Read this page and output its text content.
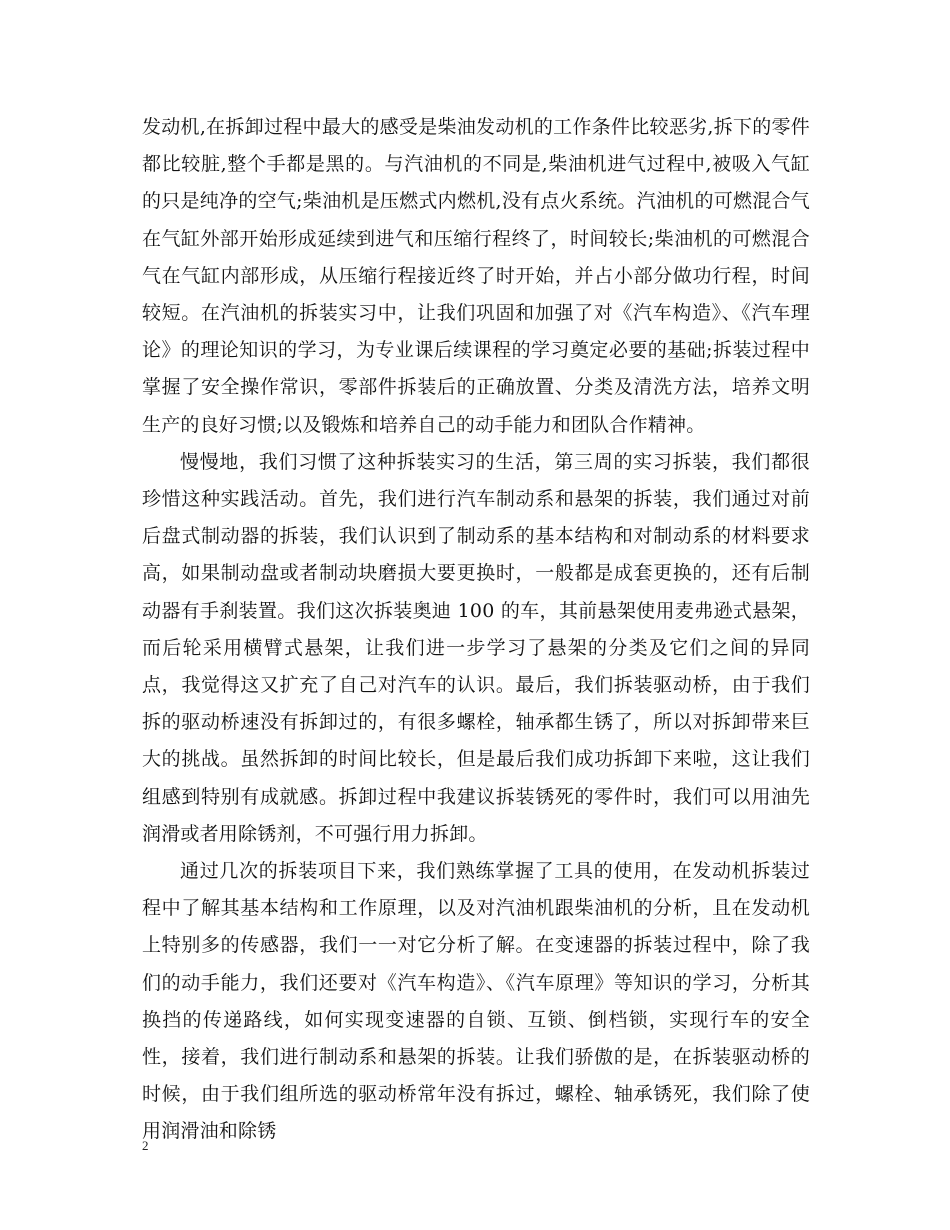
发动机,在拆卸过程中最大的感受是柴油发动机的工作条件比较恶劣,拆下的零件都比较脏,整个手都是黑的。与汽油机的不同是,柴油机进气过程中,被吸入气缸的只是纯净的空气;柴油机是压燃式内燃机,没有点火系统。汽油机的可燃混合气在气缸外部开始形成延续到进气和压缩行程终了，时间较长;柴油机的可燃混合气在气缸内部形成，从压缩行程接近终了时开始，并占小部分做功行程，时间较短。在汽油机的拆装实习中，让我们巩固和加强了对《汽车构造》、《汽车理论》的理论知识的学习，为专业课后续课程的学习奠定必要的基础;拆装过程中掌握了安全操作常识，零部件拆装后的正确放置、分类及清洗方法，培养文明生产的良好习惯;以及锻炼和培养自己的动手能力和团队合作精神。

慢慢地，我们习惯了这种拆装实习的生活，第三周的实习拆装，我们都很珍惜这种实践活动。首先，我们进行汽车制动系和悬架的拆装，我们通过对前后盘式制动器的拆装，我们认识到了制动系的基本结构和对制动系的材料要求高，如果制动盘或者制动块磨损大要更换时，一般都是成套更换的，还有后制动器有手刹装置。我们这次拆装奥迪 100 的车，其前悬架使用麦弗逊式悬架，而后轮采用横臂式悬架，让我们进一步学习了悬架的分类及它们之间的异同点，我觉得这又扩充了自己对汽车的认识。最后，我们拆装驱动桥，由于我们拆的驱动桥速没有拆卸过的，有很多螺栓，轴承都生锈了，所以对拆卸带来巨大的挑战。虽然拆卸的时间比较长，但是最后我们成功拆卸下来啦，这让我们组感到特别有成就感。拆卸过程中我建议拆装锈死的零件时，我们可以用油先润滑或者用除锈剂，不可强行用力拆卸。

通过几次的拆装项目下来，我们熟练掌握了工具的使用，在发动机拆装过程中了解其基本结构和工作原理，以及对汽油机跟柴油机的分析，且在发动机上特别多的传感器，我们一一对它分析了解。在变速器的拆装过程中，除了我们的动手能力，我们还要对《汽车构造》、《汽车原理》等知识的学习，分析其换挡的传递路线，如何实现变速器的自锁、互锁、倒档锁，实现行车的安全性，接着，我们进行制动系和悬架的拆装。让我们骄傲的是，在拆装驱动桥的时候，由于我们组所选的驱动桥常年没有拆过，螺栓、轴承锈死，我们除了使用润滑油和除锈

2
